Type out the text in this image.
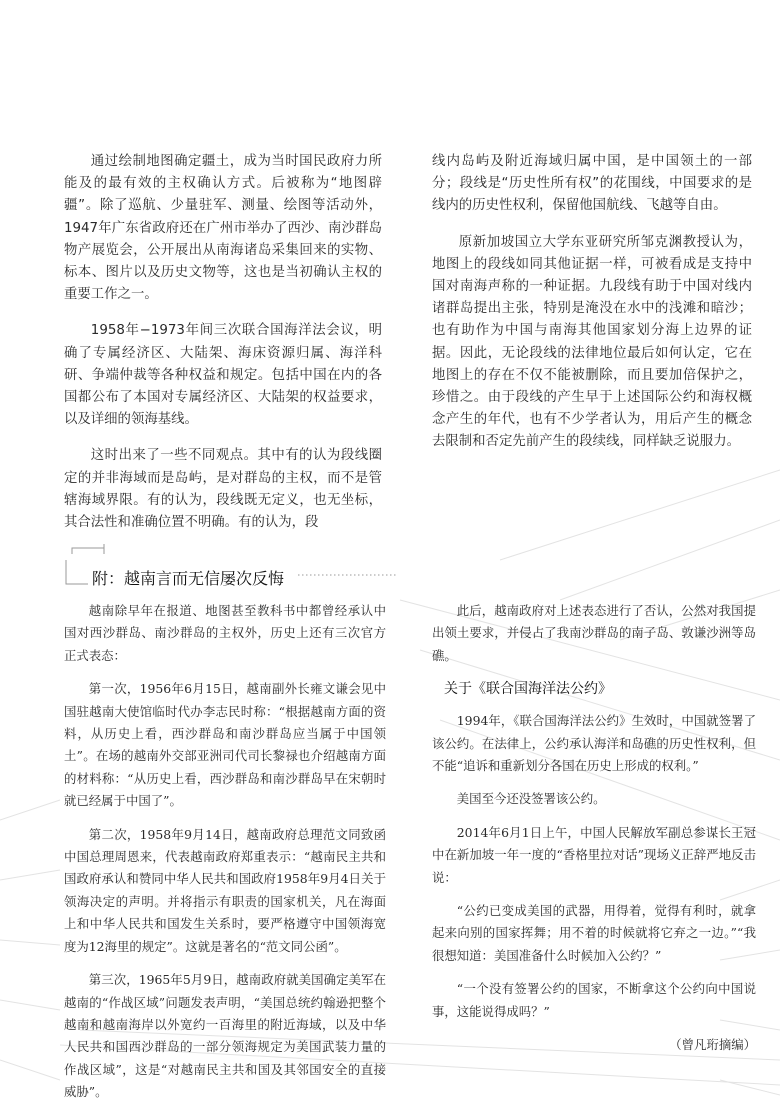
通过绘制地图确定疆土，成为当时国民政府力所能及的最有效的主权确认方式。后被称为“地图辟疆”。除了巡航、少量驻军、测量、绘图等活动外，1947年广东省政府还在广州市举办了西沙、南沙群岛物产展览会，公开展出从南海诸岛采集回来的实物、标本、图片以及历史文物等，这也是当初确认主权的重要工作之一。

1958年−1973年间三次联合国海洋法会议，明确了专属经济区、大陆架、海床资源归属、海洋科研、争端仲裁等各种权益和规定。包括中国在内的各国都公布了本国对专属经济区、大陆架的权益要求，以及详细的领海基线。

这时出来了一些不同观点。其中有的认为段线圈定的并非海域而是岛屿，是对群岛的主权，而不是管辖海域界限。有的认为，段线既无定义，也无坐标，其合法性和准确位置不明确。有的认为，段

线内岛屿及附近海域归属中国，是中国领土的一部分；段线是“历史性所有权”的花围线，中国要求的是线内的历史性权利，保留他国航线、飞越等自由。

原新加坡国立大学东亚研究所邹克渊教授认为，地图上的段线如同其他证据一样，可被看成是支持中国对南海声称的一种证据。九段线有助于中国对线内诸群岛提出主张，特别是淹没在水中的浅滩和暗沙；也有助作为中国与南海其他国家划分海上边界的证据。因此，无论段线的法律地位最后如何认定，它在地图上的存在不仅不能被删除，而且要加倍保护之，珍惜之。由于段线的产生早于上述国际公约和海权概念产生的年代，也有不少学者认为，用后产生的概念去限制和否定先前产生的段续线，同样缺乏说服力。

附：越南言而无信屡次反悔

越南除早年在报道、地图甚至教科书中都曾经承认中国对西沙群岛、南沙群岛的主权外，历史上还有三次官方正式表态：

第一次，1956年6月15日，越南副外长雍文谦会见中国驻越南大使馆临时代办李志民时称：“根据越南方面的资料，从历史上看，西沙群岛和南沙群岛应当属于中国领土”。在场的越南外交部亚洲司代司长黎禄也介绍越南方面的材料称：“从历史上看，西沙群岛和南沙群岛早在宋朝时就已经属于中国了”。

第二次，1958年9月14日，越南政府总理范文同致函中国总理周恩来，代表越南政府郑重表示：“越南民主共和国政府承认和赞同中华人民共和国政府1958年9月4日关于领海决定的声明。并将指示有职责的国家机关，凡在海面上和中华人民共和国发生关系时，要严格遵守中国领海宽度为12海里的规定”。这就是著名的“范文同公函”。

第三次，1965年5月9日，越南政府就美国确定美军在越南的“作战区域”问题发表声明，“美国总统约翰逊把整个越南和越南海岸以外宽约一百海里的附近海域，以及中华人民共和国西沙群岛的一部分领海规定为美国武装力量的作战区域”，这是“对越南民主共和国及其邻国安全的直接威胁”。

此后，越南政府对上述表态进行了否认，公然对我国提出领土要求，并侵占了我南沙群岛的南子岛、敦谦沙洲等岛礁。

关于《联合国海洋法公约》

1994年，《联合国海洋法公约》生效时，中国就签署了该公约。在法律上，公约承认海洋和岛礁的历史性权利，但不能“追诉和重新划分各国在历史上形成的权利。”

美国至今还没签署该公约。

2014年6月1日上午，中国人民解放军副总参谋长王冠中在新加坡一年一度的“香格里拉对话”现场义正辞严地反击说：

“公约已变成美国的武器，用得着，觉得有利时，就拿起来向别的国家挥舞；用不着的时候就将它弃之一边。”“我很想知道：美国准备什么时候加入公约？”

“一个没有签署公约的国家，不断拿这个公约向中国说事，这能说得成吗？”

（曾凡珩摘编）
